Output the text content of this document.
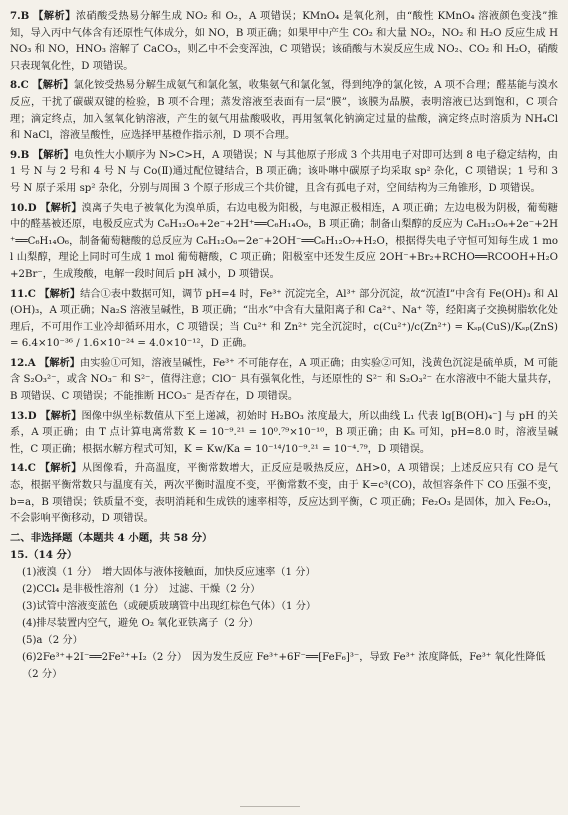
7.B 【解析】浓硝酸受热易分解生成 NO₂ 和 O₂，A 项错误；KMnO₄ 是氧化剂，由“酸性 KMnO₄ 溶液颜色变浅”推知，导入丙中气体含有还原性气体成分，如 NO，B 项正确；如果甲中产生 CO₂ 和大量 NO₂，NO₂ 和 H₂O 反应生成 HNO₃ 和 NO，HNO₃ 溶解了 CaCO₃，则乙中不会变浑浊，C 项错误；该硝酸与木炭反应生成 NO₂、CO₂ 和 H₂O，硝酸只表现氧化性，D 项错误。

8.C 【解析】氯化铵受热易分解生成氨气和氯化氢，收集氨气和氯化氢，得到纯净的氯化铵，A 项不合理；醛基能与溴水反应，干扰了碳碳双键的检验，B 项不合理；蒸发溶液至表面有一层“膜”，该膜为晶膜，表明溶液已达到饱和，C 项合理；滴定终点，加入氢氧化钠溶液，产生的氨气用盐酸吸收，再用氢氧化钠滴定过量的盐酸，滴定终点时溶质为 NH₄Cl 和 NaCl，溶液呈酸性，应选择甲基橙作指示剂，D 项不合理。

9.B 【解析】电负性大小顺序为 N>C>H，A 项错误；N 与其他原子形成 3 个共用电子对即可达到 8 电子稳定结构，由 1 号 N 与 2 号和 4 号 N 与 Co(Ⅱ)通过配位键结合，B 项正确；该卟啉中碳原子均采取 sp² 杂化，C 项错误；1 号和 3 号 N 原子采用 sp² 杂化，分别与周围 3 个原子形成三个共价键，且含有孤电子对，空间结构为三角锥形，D 项错误。

10.D 【解析】溴离子失电子被氧化为溴单质，右边电极为阳极，与电源正极相连，A 项正确；左边电极为阴极，葡萄糖中的醛基被还原，电极反应式为 C₆H₁₂O₆+2e⁻+2H⁺══C₆H₁₄O₆，B 项正确；制备山梨醇的反应为 C₆H₁₂O₆+2e⁻+2H⁺══C₆H₁₄O₆，制备葡萄糖酸的总反应为 C₆H₁₂O₆−2e⁻+2OH⁻══C₆H₁₂O₇+H₂O，根据得失电子守恒可知每生成 1 mol 山梨醇，理论上同时可生成 1 mol 葡萄糖酸，C 项正确；阳极室中还发生反应 2OH⁻+Br₂+RCHO══RCOOH+H₂O+2Br⁻，生成羧酸，电解一段时间后 pH 减小，D 项错误。

11.C 【解析】结合①表中数据可知，调节 pH=4 时，Fe³⁺ 沉淀完全，Al³⁺ 部分沉淀，故“沉渣Ⅰ”中含有 Fe(OH)₃ 和 Al(OH)₃，A 项正确；Na₂S 溶液呈碱性，B 项正确；“出水”中含有大量阳离子和 Ca²⁺、Na⁺ 等，经阳离子交换树脂软化处理后，不可用作工业冷却循环用水，C 项错误；当 Cu²⁺ 和 Zn²⁺ 完全沉淀时，c(Cu²⁺)/c(Zn²⁺) = Kₛₚ(CuS)/Kₛₚ(ZnS) = 6.4×10⁻³⁶ / 1.6×10⁻²⁴ = 4.0×10⁻¹²，D 正确。

12.A 【解析】由实验①可知，溶液呈碱性，Fe³⁺ 不可能存在，A 项正确；由实验②可知，浅黄色沉淀是硫单质，M 可能含 S₂O₃²⁻，或含 NO₃⁻ 和 S²⁻，值得注意；ClO⁻ 具有强氧化性，与还原性的 S²⁻ 和 S₂O₃²⁻ 在水溶液中不能大量共存，B 项错误、C 项错误；不能推断 HCO₃⁻ 是否存在，D 项错误。

13.D 【解析】图像中纵坐标数值从下至上递减，初始时 H₂BO₃ 浓度最大，所以曲线 L₁ 代表 lg[B(OH)₄⁻] 与 pH 的关系，A 项正确；由 T 点计算电离常数 K = 10⁻⁹.²¹ = 10⁰.⁷⁹×10⁻¹⁰，B 项正确；由 Kₕ 可知，pH=8.0 时，溶液呈碱性，C 项正确；根据水解方程式可知，K = Kw/Ka = 10⁻¹⁴/10⁻⁹.²¹ = 10⁻⁴.⁷⁹，D 项错误。

14.C 【解析】从图像看，升高温度，平衡常数增大，正反应是吸热反应，ΔH>0，A 项错误；上述反应只有 CO 是气态，根据平衡常数只与温度有关，两次平衡时温度不变，平衡常数不变，由于 K=c³(CO)，故恒容条件下 CO 压强不变，b=a，B 项错误；铁质量不变，表明消耗和生成铁的速率相等，反应达到平衡，C 项正确；Fe₂O₃ 是固体，加入 Fe₂O₃，不会影响平衡移动，D 项错误。

二、非选择题（本题共 4 小题，共 58 分）

15.（14 分）

(1)液溴（1 分）　增大固体与液体接触面，加快反应速率（1 分）

(2)CCl₄ 是非极性溶剂（1 分）　过滤、干燥（2 分）

(3)试管中溶液变蓝色（或硬质玻璃管中出现红棕色气体）（1 分）

(4)排尽装置内空气，避免 O₂ 氧化亚铁离子（2 分）

(5)a（2 分）

(6)2Fe³⁺+2I⁻══2Fe²⁺+I₂（2 分）　因为发生反应 Fe³⁺+6F⁻══[FeF₆]³⁻，导致 Fe³⁺ 浓度降低，Fe³⁺ 氧化性降低（2 分）
